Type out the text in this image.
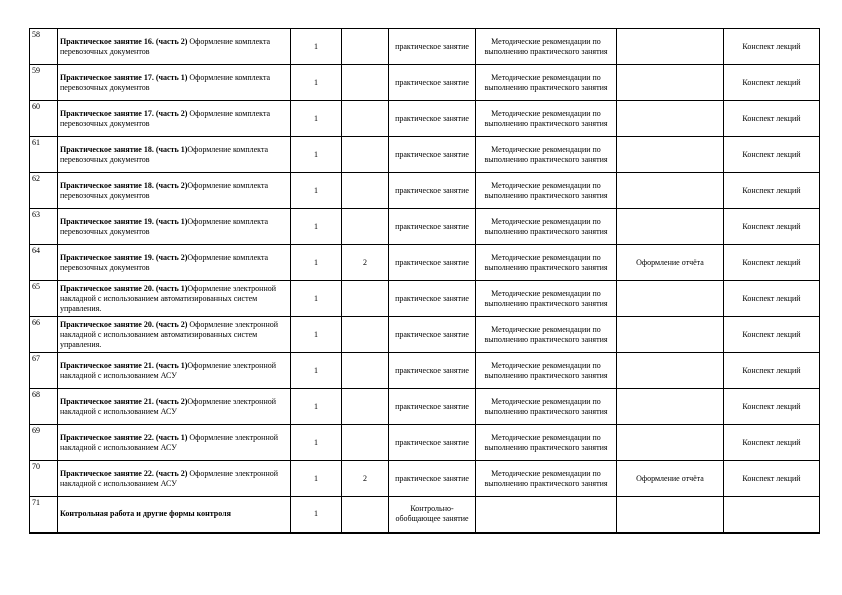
58	Практическое занятие 16. (часть 2) Оформление комплекта перевозочных документов	1		практическое занятие	Методические рекомендации по выполнению практического занятия		Конспект лекций
59	Практическое занятие 17. (часть 1) Оформление комплекта перевозочных документов	1		практическое занятие	Методические рекомендации по выполнению практического занятия		Конспект лекций
60	Практическое занятие 17. (часть 2) Оформление комплекта перевозочных документов	1		практическое занятие	Методические рекомендации по выполнению практического занятия		Конспект лекций
61	Практическое занятие 18. (часть 1)Оформление комплекта перевозочных документов	1		практическое занятие	Методические рекомендации по выполнению практического занятия		Конспект лекций
62	Практическое занятие 18. (часть 2)Оформление комплекта перевозочных документов	1		практическое занятие	Методические рекомендации по выполнению практического занятия		Конспект лекций
63	Практическое занятие 19. (часть 1)Оформление комплекта перевозочных документов	1		практическое занятие	Методические рекомендации по выполнению практического занятия		Конспект лекций
64	Практическое занятие 19. (часть 2)Оформление комплекта перевозочных документов	1	2	практическое занятие	Методические рекомендации по выполнению практического занятия	Оформление отчёта	Конспект лекций
65	Практическое занятие 20. (часть 1)Оформление электронной накладной с использованием автоматизированных систем управления.	1		практическое занятие	Методические рекомендации по выполнению практического занятия		Конспект лекций
66	Практическое занятие 20. (часть 2) Оформление электронной накладной с использованием автоматизированных систем управления.	1		практическое занятие	Методические рекомендации по выполнению практического занятия		Конспект лекций
67	Практическое занятие 21. (часть 1)Оформление электронной накладной с использованием АСУ	1		практическое занятие	Методические рекомендации по выполнению практического занятия		Конспект лекций
68	Практическое занятие 21. (часть 2)Оформление электронной накладной с использованием АСУ	1		практическое занятие	Методические рекомендации по выполнению практического занятия		Конспект лекций
69	Практическое занятие 22. (часть 1) Оформление электронной накладной с использованием АСУ	1		практическое занятие	Методические рекомендации по выполнению практического занятия		Конспект лекций
70	Практическое занятие 22. (часть 2) Оформление электронной накладной с использованием АСУ	1	2	практическое занятие	Методические рекомендации по выполнению практического занятия	Оформление отчёта	Конспект лекций
71	Контрольная работа и другие формы контроля	1		Контрольно-обобщающее занятие			
